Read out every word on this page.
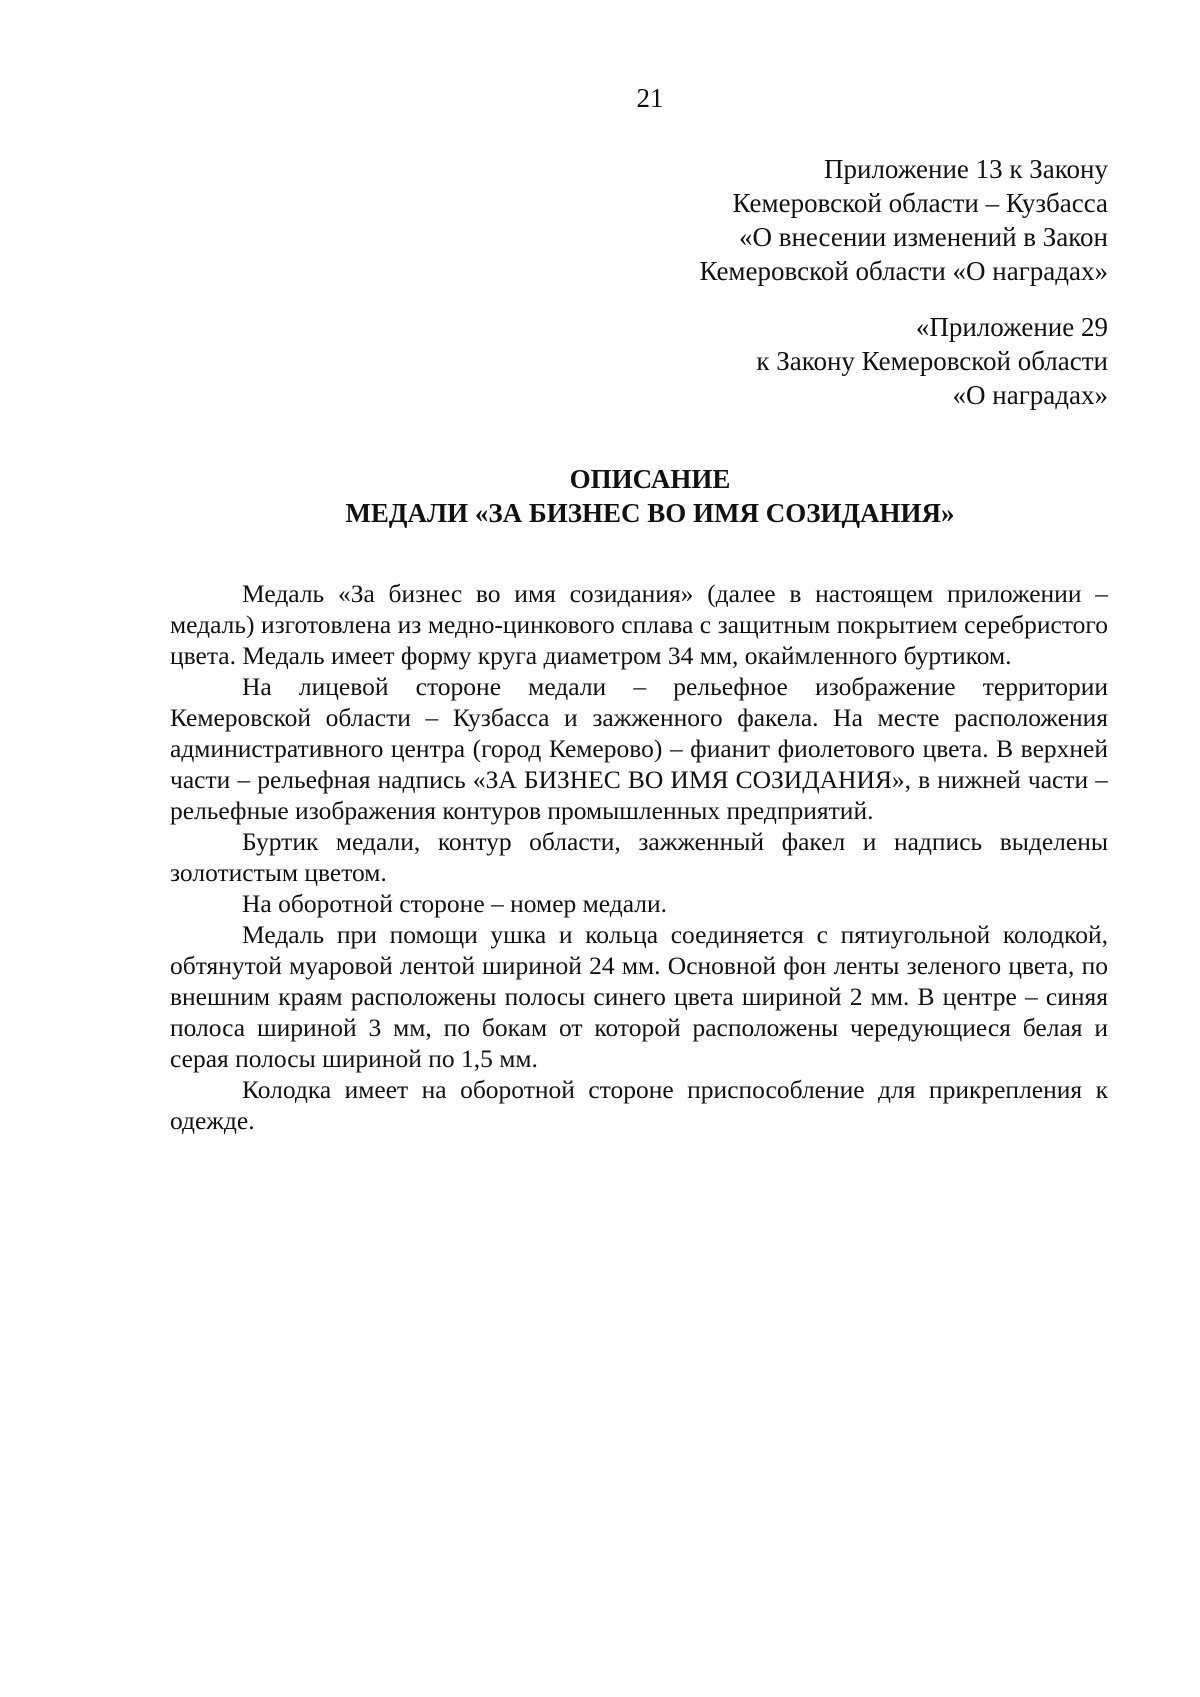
21
Приложение 13 к Закону
Кемеровской области – Кузбасса
«О внесении изменений в Закон
Кемеровской области «О наградах»
«Приложение 29
к Закону Кемеровской области
«О наградах»
ОПИСАНИЕ
МЕДАЛИ «ЗА БИЗНЕС ВО ИМЯ СОЗИДАНИЯ»

Медаль «За бизнес во имя созидания» (далее в настоящем приложении – медаль) изготовлена из медно-цинкового сплава с защитным покрытием серебристого цвета. Медаль имеет форму круга диаметром 34 мм, окаймленного буртиком.

На лицевой стороне медали – рельефное изображение территории Кемеровской области – Кузбасса и зажженного факела. На месте расположения административного центра (город Кемерово) – фианит фиолетового цвета. В верхней части – рельефная надпись «ЗА БИЗНЕС ВО ИМЯ СОЗИДАНИЯ», в нижней части – рельефные изображения контуров промышленных предприятий.

Буртик медали, контур области, зажженный факел и надпись выделены золотистым цветом.

На оборотной стороне – номер медали.

Медаль при помощи ушка и кольца соединяется с пятиугольной колодкой, обтянутой муаровой лентой шириной 24 мм. Основной фон ленты зеленого цвета, по внешним краям расположены полосы синего цвета шириной 2 мм. В центре – синяя полоса шириной 3 мм, по бокам от которой расположены чередующиеся белая и серая полосы шириной по 1,5 мм.

Колодка имеет на оборотной стороне приспособление для прикрепления к одежде.
